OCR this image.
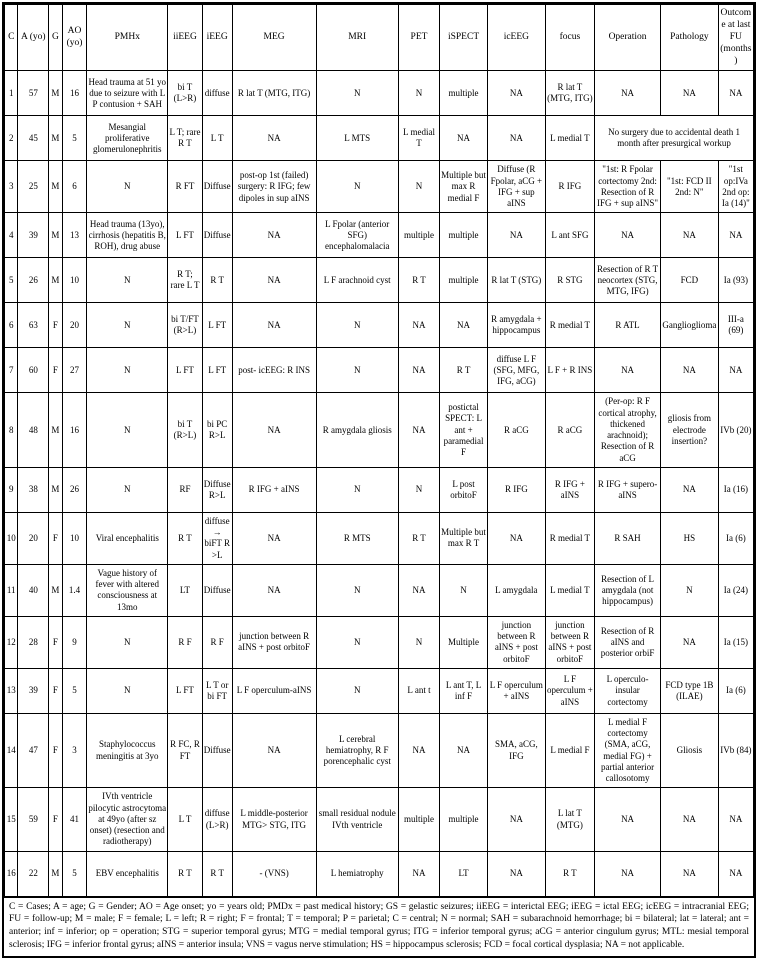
C	A (yo)	G	AO (yo)	PMHx	iiEEG	iEEG	MEG	MRI	PET	iSPECT	icEEG	focus	Operation	Pathology	Outcome at last FU (months)
1	57	M	16	Head trauma at 51 yo due to seizure with L P contusion + SAH	bi T (L>R)	diffuse	R lat T (MTG, ITG)	N	N	multiple	NA	R lat T (MTG, ITG)	NA	NA	NA
2	45	M	5	Mesangial proliferative glomerulonephritis	L T; rare R T	L T	NA	L MTS	L medial T	NA	NA	L medial T	No surgery due to accidental death 1 month after presurgical workup		
3	25	M	6	N	R FT	Diffuse	post-op 1st (failed) surgery: R IFG; few dipoles in sup aINS	N	N	Multiple but max R medial F	Diffuse (R Fpolar, aCG + IFG + sup aINS	R IFG	"1st: R Fpolar cortectomy 2nd: Resection of R IFG + sup aINS"	"1st: FCD II 2nd: N"	"1st op:IVa 2nd op: Ia (14)"
4	39	M	13	Head trauma (13yo), cirrhosis (hepatitis B, ROH), drug abuse	L FT	Diffuse	NA	L Fpolar (anterior SFG) encephalomalacia	multiple	multiple	NA	L ant SFG	NA	NA	NA
5	26	M	10	N	R T; rare L T	R T	NA	L F arachnoid cyst	R T	multiple	R lat T (STG)	R STG	Resection of R T neocortex (STG, MTG, IFG)	FCD	Ia (93)
6	63	F	20	N	bi T/FT (R>L)	L FT	NA	N	NA	NA	R amygdala + hippocampus	R medial T	R ATL	Ganglioglioma	III-a (69)
7	60	F	27	N	L FT	L FT	post- icEEG: R INS	N	NA	R T	diffuse L F (SFG, MFG, IFG, aCG)	L F + R INS	NA	NA	NA
8	48	M	16	N	bi T (R>L)	bi PC R>L	NA	R amygdala gliosis	NA	postictal SPECT: L ant + paramedial F	R aCG	R aCG	(Per-op: R F cortical atrophy, thickened arachnoid); Resection of R aCG	gliosis from electrode insertion?	IVb (20)
9	38	M	26	N	RF	Diffuse R>L	R IFG + aINS	N	N	L post orbitoF	R IFG	R IFG + aINS	R IFG + supero-aINS	NA	Ia (16)
10	20	F	10	Viral encephalitis	R T	diffuse → biFT R >L	NA	R MTS	R T	Multiple but max R T	NA	R medial T	R SAH	HS	Ia (6)
11	40	M	1.4	Vague history of fever with altered consciousness at 13mo	LT	Diffuse	NA	N	NA	N	L amygdala	L medial T	Resection of L amygdala (not hippocampus)	N	Ia (24)
12	28	F	9	N	R F	R F	junction between R aINS + post orbitoF	N	N	Multiple	junction between R aINS + post orbitoF	junction between R aINS + post orbitoF	Resection of R aINS and posterior orbiF	NA	Ia (15)
13	39	F	5	N	L FT	L T or bi FT	L F operculum-aINS	N	L ant t	L ant T, L inf F	L F operculum + aINS	L F operculum + aINS	L operculo-insular cortectomy	FCD type 1B (ILAE)	Ia (6)
14	47	F	3	Staphylococcus meningitis at 3yo	R FC, R FT	Diffuse	NA	L cerebral hemiatrophy, R F porencephalic cyst	NA	NA	SMA, aCG, IFG	L medial F	L medial F cortectomy (SMA, aCG, medial FG) + partial anterior callosotomy	Gliosis	IVb (84)
15	59	F	41	IVth ventricle pilocytic astrocytoma at 49yo (after sz onset) (resection and radiotherapy)	L T	diffuse (L>R)	L middle-posterior MTG> STG, ITG	small residual nodule IVth ventricle	multiple	multiple	NA	L lat T (MTG)	NA	NA	NA
16	22	M	5	EBV encephalitis	R T	R T	- (VNS)	L hemiatrophy	NA	LT	NA	R T	NA	NA	NA

C = Cases; A = age; G = Gender; AO = Age onset; yo = years old; PMDx = past medical history; GS = gelastic seizures; iiEEG = interictal EEG; iEEG = ictal EEG; icEEG = intracranial EEG; FU = follow-up; M = male; F = female; L = left; R = right; F = frontal; T = temporal; P = parietal; C = central; N = normal; SAH = subarachnoid hemorrhage; bi = bilateral; lat = lateral; ant = anterior; inf = inferior; op = operation; STG = superior temporal gyrus; MTG = medial temporal gyrus; ITG = inferior temporal gyrus; aCG = anterior cingulum gyrus; MTL: mesial temporal sclerosis; IFG = inferior frontal gyrus; aINS = anterior insula; VNS = vagus nerve stimulation; HS = hippocampus sclerosis; FCD = focal cortical dysplasia; NA = not applicable.
